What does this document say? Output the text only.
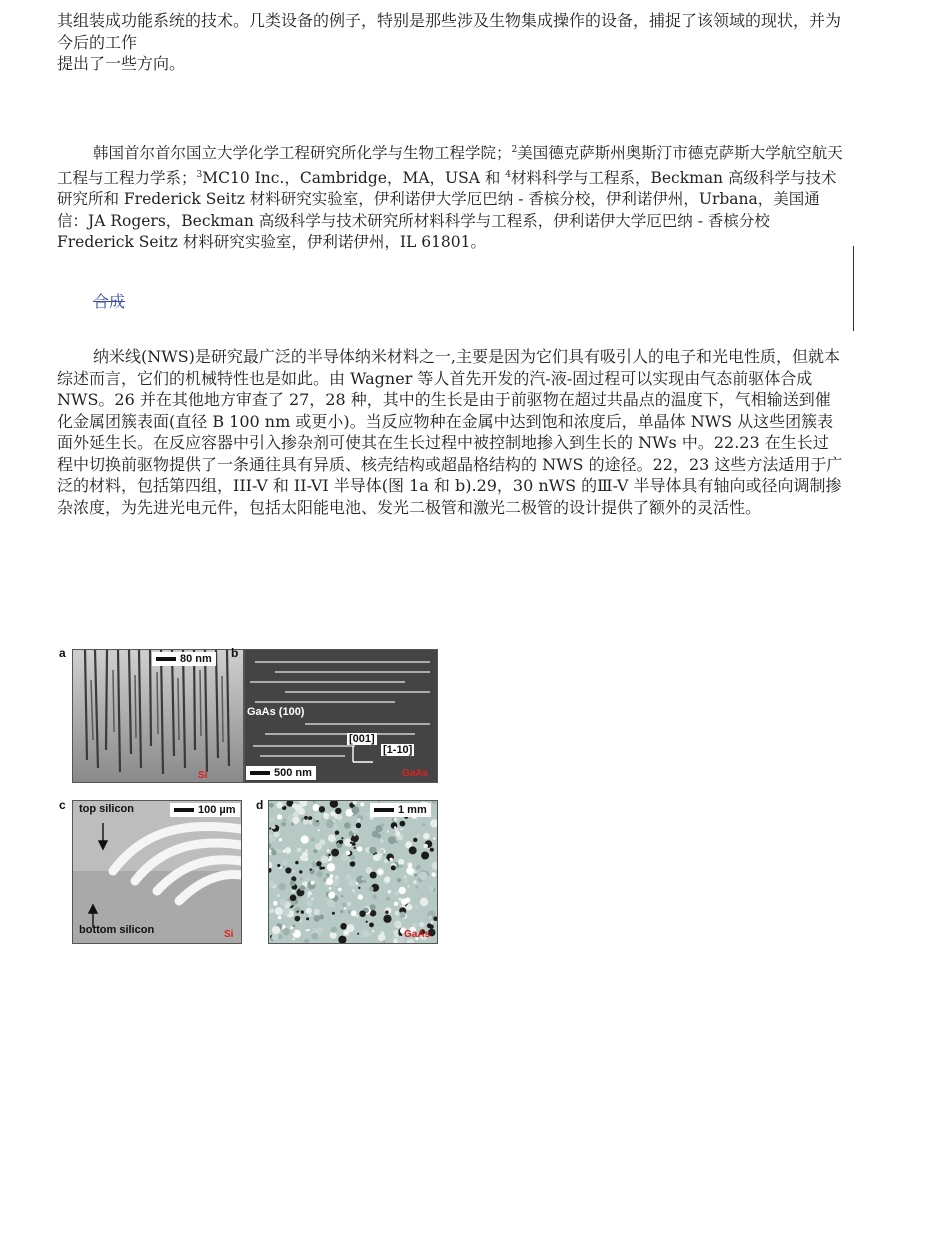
其组装成功能系统的技术。几类设备的例子，特别是那些涉及生物集成操作的设备，捕捉了该领域的现状，并为今后的工作
提出了一些方向。

韩国首尔首尔国立大学化学工程研究所化学与生物工程学院；$^2$美国德克萨斯州奥斯汀市德克萨斯大学航空航天工程与工程力学系；$^3$MC10 Inc.，Cambridge，MA，USA 和 $^4$材料科学与工程系，Beckman 高级科学与技术研究所和 Frederick Seitz 材料研究实验室，伊利诺伊大学厄巴纳 - 香槟分校，伊利诺伊州，Urbana，美国通信：JA Rogers，Beckman 高级科学与技术研究所材料科学与工程系，伊利诺伊大学厄巴纳 - 香槟分校 Frederick Seitz 材料研究实验室，伊利诺伊州，IL 61801。

合成

纳米线(NWS)是研究最广泛的半导体纳米材料之一,主要是因为它们具有吸引人的电子和光电性质，但就本综述而言，它们的机械特性也是如此。由 Wagner 等人首先开发的汽-液-固过程可以实现由气态前驱体合成 NWS。26 并在其他地方审查了 27，28 种，其中的生长是由于前驱物在超过共晶点的温度下，气相输送到催化金属团簇表面(直径 B 100 nm 或更小)。当反应物种在金属中达到饱和浓度后，单晶体 NWS 从这些团簇表面外延生长。在反应容器中引入掺杂剂可使其在生长过程中被控制地掺入到生长的 NWs 中。22.23 在生长过程中切换前驱物提供了一条通往具有异质、核壳结构或超晶格结构的 NWS 的途径。22，23 这些方法适用于广泛的材料，包括第四组，III-V 和 II-VI 半导体(图 1a 和 b).29，30 nWS 的Ⅲ-V 半导体具有轴向或径向调制掺杂浓度，为先进光电元件，包括太阳能电池、发光二极管和激光二极管的设计提供了额外的灵活性。

a	80 nm
Si
b
GaAs (100)
[001]
[1-10]
500 nm	GaAs
c top silicon
bottom silicon
100 µm
Si
d	1 mm
GaAs
